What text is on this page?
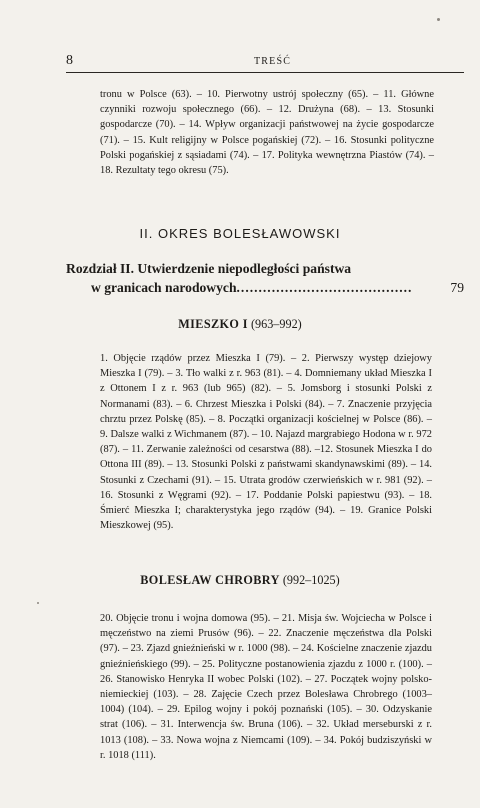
8	TREŚĆ
tronu w Polsce (63). – 10. Pierwotny ustrój społeczny (65). – 11. Główne czynniki rozwoju społecznego (66). – 12. Drużyna (68). – 13. Stosunki gospodarcze (70). – 14. Wpływ organizacji państwowej na życie gospodarcze (71). – 15. Kult religijny w Polsce pogańskiej (72). – 16. Stosunki polityczne Polski pogańskiej z sąsiadami (74). – 17. Polityka wewnętrzna Piastów (74). – 18. Rezultaty tego okresu (75).
II. OKRES BOLESŁAWOWSKI
Rozdział II. Utwierdzenie niepodległości państwa
w granicach narodowych ........................................	79
MIESZKO I (963–992)
1. Objęcie rządów przez Mieszka I (79). – 2. Pierwszy występ dziejowy Mieszka I (79). – 3. Tło walki z r. 963 (81). – 4. Domniemany układ Mieszka I z Ottonem I z r. 963 (lub 965) (82). – 5. Jomsborg i stosunki Polski z Normanami (83). – 6. Chrzest Mieszka i Polski (84). – 7. Znaczenie przyjęcia chrztu przez Polskę (85). – 8. Początki organizacji kościelnej w Polsce (86). – 9. Dalsze walki z Wichmanem (87). – 10. Najazd margrabiego Hodona w r. 972 (87). – 11. Zerwanie zależności od cesarstwa (88). –12. Stosunek Mieszka I do Ottona III (89). – 13. Stosunki Polski z państwami skandynawskimi (89). – 14. Stosunki z Czechami (91). – 15. Utrata grodów czerwieńskich w r. 981 (92). – 16. Stosunki z Węgrami (92). – 17. Poddanie Polski papiestwu (93). – 18. Śmierć Mieszka I; charakterystyka jego rządów (94). – 19. Granice Polski Mieszkowej (95).
BOLESŁAW CHROBRY (992–1025)
20. Objęcie tronu i wojna domowa (95). – 21. Misja św. Wojciecha w Polsce i męczeństwo na ziemi Prusów (96). – 22. Znaczenie męczeństwa dla Polski (97). – 23. Zjazd gnieźnieński w r. 1000 (98). – 24. Kościelne znaczenie zjazdu gnieźnieńskiego (99). – 25. Polityczne postanowienia zjazdu z 1000 r. (100). – 26. Stanowisko Henryka II wobec Polski (102). – 27. Początek wojny polsko-niemieckiej (103). – 28. Zajęcie Czech przez Bolesława Chrobrego (1003–1004) (104). – 29. Epilog wojny i pokój poznański (105). – 30. Odzyskanie strat (106). – 31. Interwencja św. Bruna (106). – 32. Układ merseburski z r. 1013 (108). – 33. Nowa wojna z Niemcami (109). – 34. Pokój budziszyński w r. 1018 (111).
